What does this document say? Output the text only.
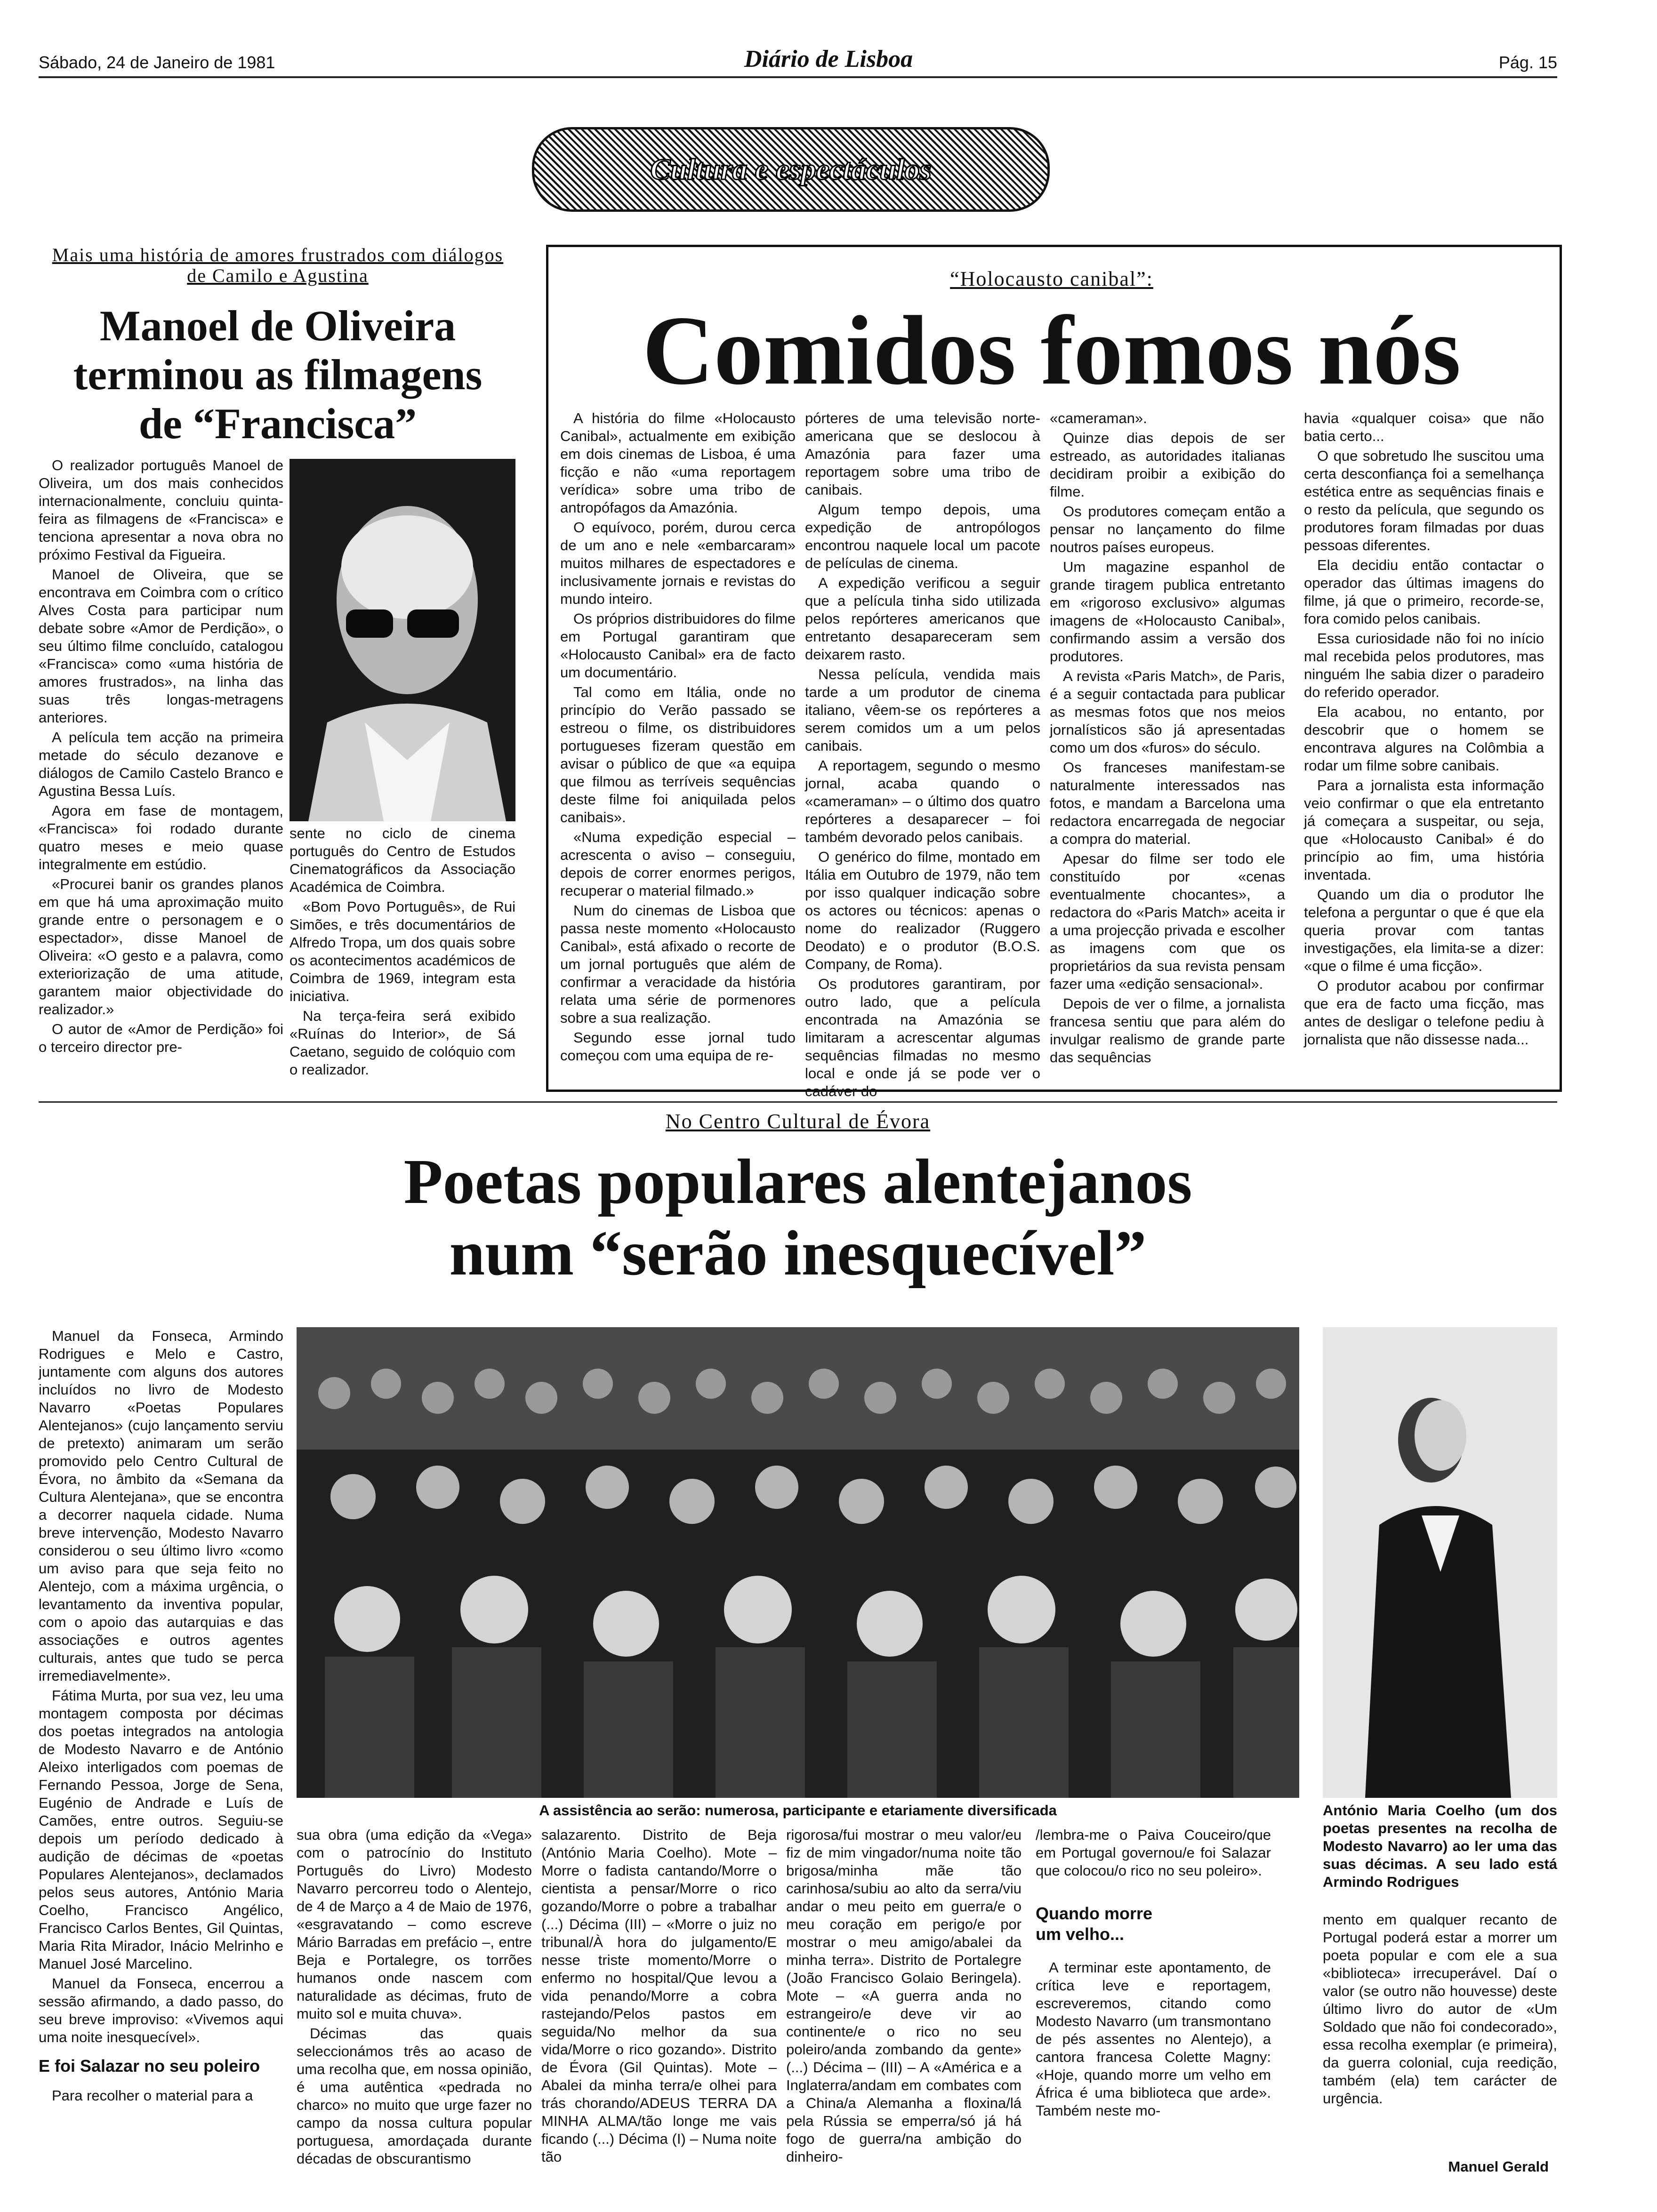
Sábado, 24 de Janeiro de 1981	Diário de Lisboa	Pág. 15
Cultura e espectáculos
Mais uma história de amores frustrados com diálogos de Camilo e Agustina
Manoel de Oliveira
terminou as filmagens
de “Francisca”

O realizador português Manoel de Oliveira, um dos mais conhecidos internacionalmente, concluiu quinta-feira as filmagens de «Francisca» e tenciona apresentar a nova obra no próximo Festival da Figueira.

Manoel de Oliveira, que se encontrava em Coimbra com o crítico Alves Costa para participar num debate sobre «Amor de Perdição», o seu último filme concluído, catalogou «Francisca» como «uma história de amores frustrados», na linha das suas três longas-metragens anteriores.

A película tem acção na primeira metade do século dezanove e diálogos de Camilo Castelo Branco e Agustina Bessa Luís.

Agora em fase de montagem, «Francisca» foi rodado durante quatro meses e meio quase integralmente em estúdio.

«Procurei banir os grandes planos em que há uma aproximação muito grande entre o personagem e o espectador», disse Manoel de Oliveira: «O gesto e a palavra, como exteriorização de uma atitude, garantem maior objectividade do realizador.»

O autor de «Amor de Perdição» foi o terceiro director pre-

sente no ciclo de cinema português do Centro de Estudos Cinematográficos da Associação Académica de Coimbra.

«Bom Povo Português», de Rui Simões, e três documentários de Alfredo Tropa, um dos quais sobre os acontecimentos académicos de Coimbra de 1969, integram esta iniciativa.

Na terça-feira será exibido «Ruínas do Interior», de Sá Caetano, seguido de colóquio com o realizador.

“Holocausto canibal”:
Comidos fomos nós

A história do filme «Holocausto Canibal», actualmente em exibição em dois cinemas de Lisboa, é uma ficção e não «uma reportagem verídica» sobre uma tribo de antropófagos da Amazónia.

O equívoco, porém, durou cerca de um ano e nele «embarcaram» muitos milhares de espectadores e inclusivamente jornais e revistas do mundo inteiro.

Os próprios distribuidores do filme em Portugal garantiram que «Holocausto Canibal» era de facto um documentário.

Tal como em Itália, onde no princípio do Verão passado se estreou o filme, os distribuidores portugueses fizeram questão em avisar o público de que «a equipa que filmou as terríveis sequências deste filme foi aniquilada pelos canibais».

«Numa expedição especial – acrescenta o aviso – conseguiu, depois de correr enormes perigos, recuperar o material filmado.»

Num do cinemas de Lisboa que passa neste momento «Holocausto Canibal», está afixado o recorte de um jornal português que além de confirmar a veracidade da história relata uma série de pormenores sobre a sua realização.

Segundo esse jornal tudo começou com uma equipa de re-

pórteres de uma televisão norte-americana que se deslocou à Amazónia para fazer uma reportagem sobre uma tribo de canibais.

Algum tempo depois, uma expedição de antropólogos encontrou naquele local um pacote de películas de cinema.

A expedição verificou a seguir que a película tinha sido utilizada pelos repórteres americanos que entretanto desapareceram sem deixarem rasto.

Nessa película, vendida mais tarde a um produtor de cinema italiano, vêem-se os repórteres a serem comidos um a um pelos canibais.

A reportagem, segundo o mesmo jornal, acaba quando o «cameraman» – o último dos quatro repórteres a desaparecer – foi também devorado pelos canibais.

O genérico do filme, montado em Itália em Outubro de 1979, não tem por isso qualquer indicação sobre os actores ou técnicos: apenas o nome do realizador (Ruggero Deodato) e o produtor (B.O.S. Company, de Roma).

Os produtores garantiram, por outro lado, que a película encontrada na Amazónia se limitaram a acrescentar algumas sequências filmadas no mesmo local e onde já se pode ver o cadáver do

«cameraman».

Quinze dias depois de ser estreado, as autoridades italianas decidiram proibir a exibição do filme.

Os produtores começam então a pensar no lançamento do filme noutros países europeus.

Um magazine espanhol de grande tiragem publica entretanto em «rigoroso exclusivo» algumas imagens de «Holocausto Canibal», confirmando assim a versão dos produtores.

A revista «Paris Match», de Paris, é a seguir contactada para publicar as mesmas fotos que nos meios jornalísticos são já apresentadas como um dos «furos» do século.

Os franceses manifestam-se naturalmente interessados nas fotos, e mandam a Barcelona uma redactora encarregada de negociar a compra do material.

Apesar do filme ser todo ele constituído por «cenas eventualmente chocantes», a redactora do «Paris Match» aceita ir a uma projecção privada e escolher as imagens com que os proprietários da sua revista pensam fazer uma «edição sensacional».

Depois de ver o filme, a jornalista francesa sentiu que para além do invulgar realismo de grande parte das sequências

havia «qualquer coisa» que não batia certo...

O que sobretudo lhe suscitou uma certa desconfiança foi a semelhança estética entre as sequências finais e o resto da película, que segundo os produtores foram filmadas por duas pessoas diferentes.

Ela decidiu então contactar o operador das últimas imagens do filme, já que o primeiro, recorde-se, fora comido pelos canibais.

Essa curiosidade não foi no início mal recebida pelos produtores, mas ninguém lhe sabia dizer o paradeiro do referido operador.

Ela acabou, no entanto, por descobrir que o homem se encontrava algures na Colômbia a rodar um filme sobre canibais.

Para a jornalista esta informação veio confirmar o que ela entretanto já começara a suspeitar, ou seja, que «Holocausto Canibal» é do princípio ao fim, uma história inventada.

Quando um dia o produtor lhe telefona a perguntar o que é que ela queria provar com tantas investigações, ela limita-se a dizer: «que o filme é uma ficção».

O produtor acabou por confirmar que era de facto uma ficção, mas antes de desligar o telefone pediu à jornalista que não dissesse nada...

No Centro Cultural de Évora
Poetas populares alentejanos
num “serão inesquecível”

Manuel da Fonseca, Armindo Rodrigues e Melo e Castro, juntamente com alguns dos autores incluídos no livro de Modesto Navarro «Poetas Populares Alentejanos» (cujo lançamento serviu de pretexto) animaram um serão promovido pelo Centro Cultural de Évora, no âmbito da «Semana da Cultura Alentejana», que se encontra a decorrer naquela cidade. Numa breve intervenção, Modesto Navarro considerou o seu último livro «como um aviso para que seja feito no Alentejo, com a máxima urgência, o levantamento da inventiva popular, com o apoio das autarquias e das associações e outros agentes culturais, antes que tudo se perca irremediavelmente».

Fátima Murta, por sua vez, leu uma montagem composta por décimas dos poetas integrados na antologia de Modesto Navarro e de António Aleixo interligados com poemas de Fernando Pessoa, Jorge de Sena, Eugénio de Andrade e Luís de Camões, entre outros. Seguiu-se depois um período dedicado à audição de décimas de «poetas Populares Alentejanos», declamados pelos seus autores, António Maria Coelho, Francisco Angélico, Francisco Carlos Bentes, Gil Quintas, Maria Rita Mirador, Inácio Melrinho e Manuel José Marcelino.

Manuel da Fonseca, encerrou a sessão afirmando, a dado passo, do seu breve improviso: «Vivemos aqui uma noite inesquecível».

E foi Salazar no seu poleiro

Para recolher o material para a

A assistência ao serão: numerosa, participante e etariamente diversificada	António Maria Coelho (um dos poetas presentes na recolha de Modesto Navarro) ao ler uma das suas décimas. A seu lado está Armindo Rodrigues

sua obra (uma edição da «Vega» com o patrocínio do Instituto Português do Livro) Modesto Navarro percorreu todo o Alentejo, de 4 de Março a 4 de Maio de 1976, «esgravatando – como escreve Mário Barradas em prefácio –, entre Beja e Portalegre, os torrões humanos onde nascem com naturalidade as décimas, fruto de muito sol e muita chuva».

Décimas das quais seleccionámos três ao acaso de uma recolha que, em nossa opinião, é uma autêntica «pedrada no charco» no muito que urge fazer no campo da nossa cultura popular portuguesa, amordaçada durante décadas de obscurantismo

salazarento. Distrito de Beja (António Maria Coelho). Mote – Morre o fadista cantando/Morre o cientista a pensar/Morre o rico gozando/Morre o pobre a trabalhar (...) Décima (III) – «Morre o juiz no tribunal/À hora do julgamento/E nesse triste momento/Morre o enfermo no hospital/Que levou a vida penando/Morre a cobra rastejando/Pelos pastos em seguida/No melhor da sua vida/Morre o rico gozando». Distrito de Évora (Gil Quintas). Mote – Abalei da minha terra/e olhei para trás chorando/ADEUS TERRA DA MINHA ALMA/tão longe me vais ficando (...) Décima (I) – Numa noite tão

rigorosa/fui mostrar o meu valor/eu fiz de mim vingador/numa noite tão brigosa/minha mãe tão carinhosa/subiu ao alto da serra/viu andar o meu peito em guerra/e o meu coração em perigo/e por mostrar o meu amigo/abalei da minha terra». Distrito de Portalegre (João Francisco Golaio Beringela). Mote – «A guerra anda no estrangeiro/e deve vir ao continente/e o rico no seu poleiro/anda zombando da gente» (...) Décima – (III) – A «América e a Inglaterra/andam em combates com a China/a Alemanha a floxina/lá pela Rússia se emperra/só já há fogo de guerra/na ambição do dinheiro-

/lembra-me o Paiva Couceiro/que em Portugal governou/e foi Salazar que colocou/o rico no seu poleiro».

Quando morre um velho...

A terminar este apontamento, de crítica leve e reportagem, escreveremos, citando como Modesto Navarro (um transmontano de pés assentes no Alentejo), a cantora francesa Colette Magny: «Hoje, quando morre um velho em África é uma biblioteca que arde». Também neste mo-

mento em qualquer recanto de Portugal poderá estar a morrer um poeta popular e com ele a sua «biblioteca» irrecuperável. Daí o valor (se outro não houvesse) deste último livro do autor de «Um Soldado que não foi condecorado», essa recolha exemplar (e primeira), da guerra colonial, cuja reedição, também (ela) tem carácter de urgência.

Manuel Gerald
